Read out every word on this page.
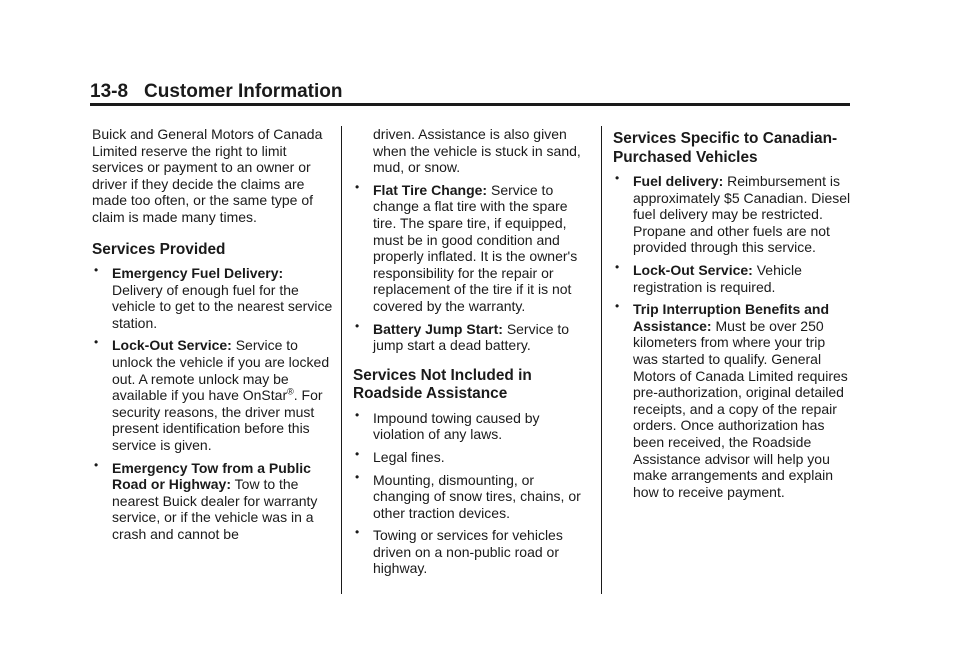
13-8 Customer Information

Buick and General Motors of Canada Limited reserve the right to limit services or payment to an owner or driver if they decide the claims are made too often, or the same type of claim is made many times.

Services Provided
• Emergency Fuel Delivery:
Delivery of enough fuel for the vehicle to get to the nearest service station.
• Lock-Out Service: Service to unlock the vehicle if you are locked out. A remote unlock may be available if you have OnStar®. For security reasons, the driver must present identification before this service is given.
• Emergency Tow from a Public Road or Highway: Tow to the nearest Buick dealer for warranty service, or if the vehicle was in a crash and cannot be

driven. Assistance is also given when the vehicle is stuck in sand, mud, or snow.

• Flat Tire Change: Service to change a flat tire with the spare tire. The spare tire, if equipped, must be in good condition and properly inflated. It is the owner's responsibility for the repair or replacement of the tire if it is not covered by the warranty.
• Battery Jump Start: Service to jump start a dead battery.
Services Not Included in Roadside Assistance
• Impound towing caused by violation of any laws.
• Legal fines.
• Mounting, dismounting, or changing of snow tires, chains, or other traction devices.
• Towing or services for vehicles driven on a non-public road or highway.
Services Specific to Canadian-Purchased Vehicles
• Fuel delivery: Reimbursement is approximately $5 Canadian. Diesel fuel delivery may be restricted. Propane and other fuels are not provided through this service.
• Lock-Out Service: Vehicle registration is required.
• Trip Interruption Benefits and Assistance: Must be over 250 kilometers from where your trip was started to qualify. General Motors of Canada Limited requires pre-authorization, original detailed receipts, and a copy of the repair orders. Once authorization has been received, the Roadside Assistance advisor will help you make arrangements and explain how to receive payment.
